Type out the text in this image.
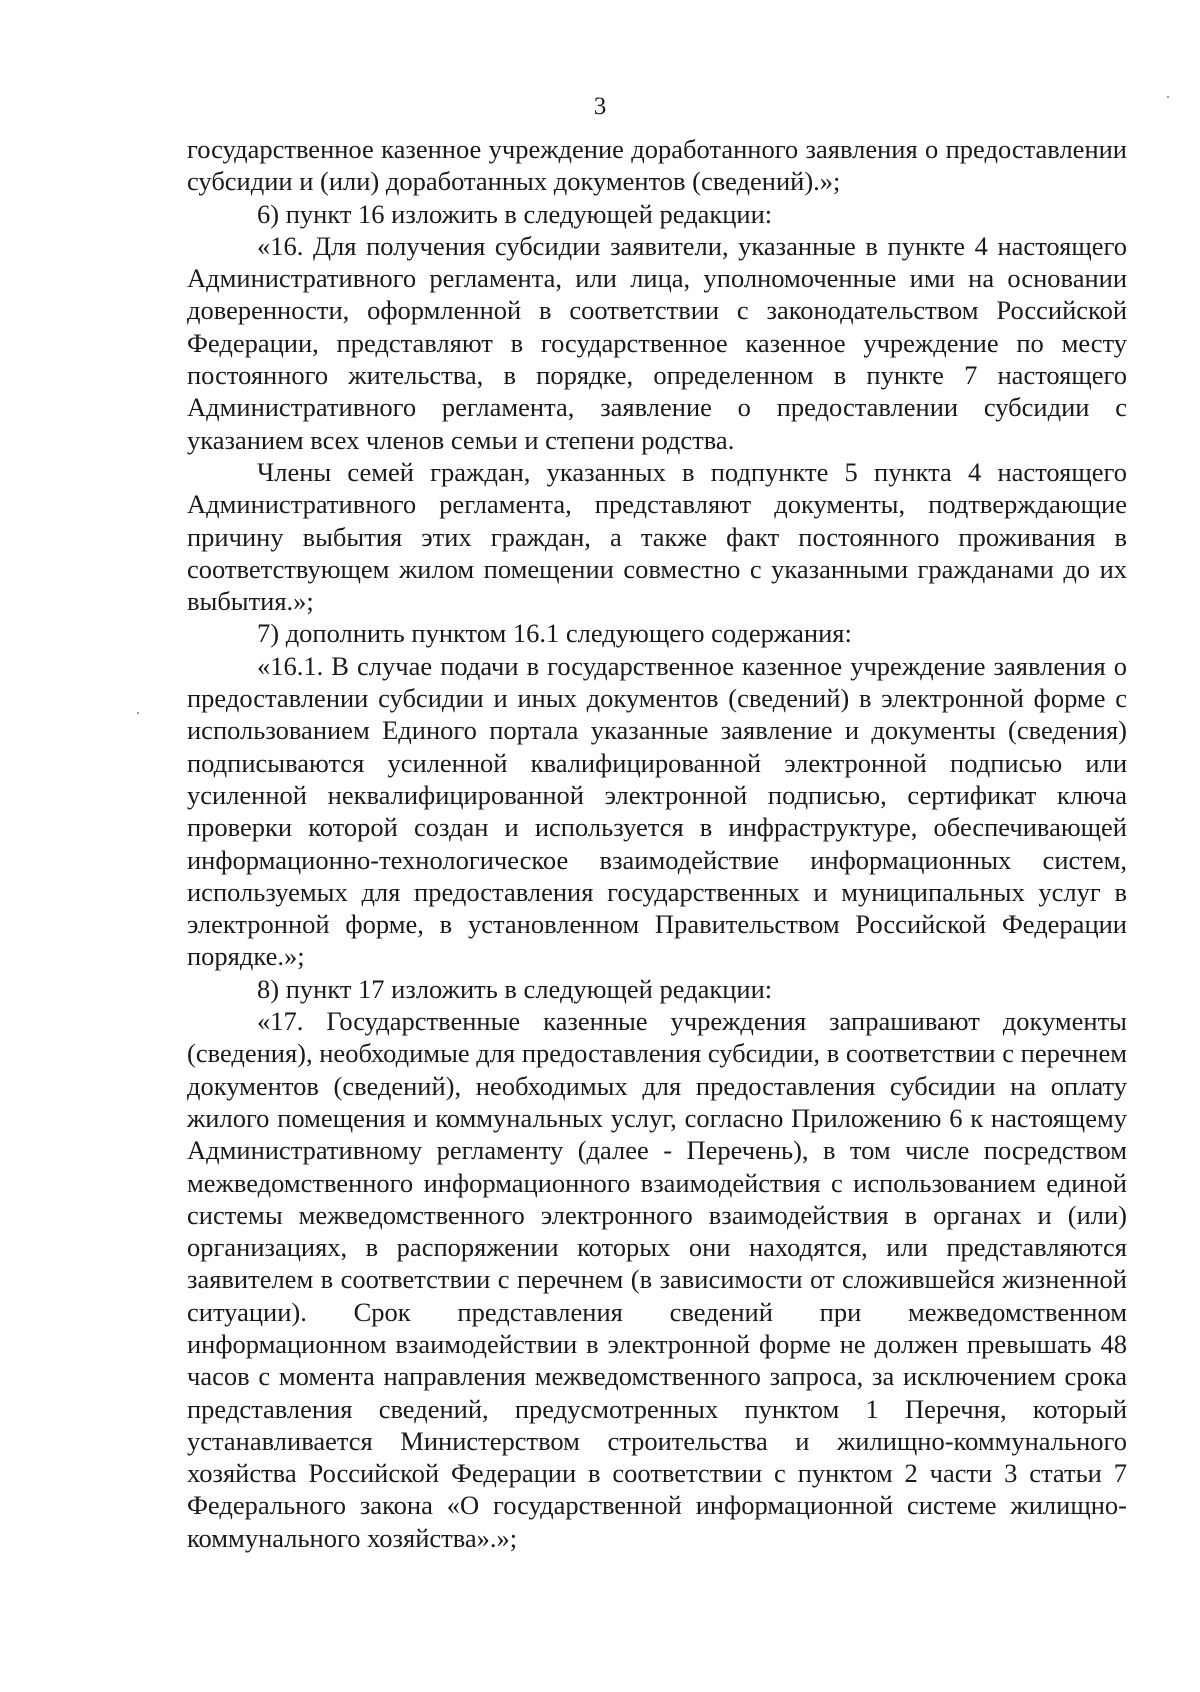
3

государственное казенное учреждение доработанного заявления о предоставлении субсидии и (или) доработанных документов (сведений).»;

6) пункт 16 изложить в следующей редакции:

«16. Для получения субсидии заявители, указанные в пункте 4 настоящего Административного регламента, или лица, уполномоченные ими на основании доверенности, оформленной в соответствии с законодательством Российской Федерации, представляют в государственное казенное учреждение по месту постоянного жительства, в порядке, определенном в пункте 7 настоящего Административного регламента, заявление о предоставлении субсидии с указанием всех членов семьи и степени родства.

Члены семей граждан, указанных в подпункте 5 пункта 4 настоящего Административного регламента, представляют документы, подтверждающие причину выбытия этих граждан, а также факт постоянного проживания в соответствующем жилом помещении совместно с указанными гражданами до их выбытия.»;

7) дополнить пунктом 16.1 следующего содержания:

«16.1. В случае подачи в государственное казенное учреждение заявления о предоставлении субсидии и иных документов (сведений) в электронной форме с использованием Единого портала указанные заявление и документы (сведения) подписываются усиленной квалифицированной электронной подписью или усиленной неквалифицированной электронной подписью, сертификат ключа проверки которой создан и используется в инфраструктуре, обеспечивающей информационно-технологическое взаимодействие информационных систем, используемых для предоставления государственных и муниципальных услуг в электронной форме, в установленном Правительством Российской Федерации порядке.»;

8) пункт 17 изложить в следующей редакции:

«17. Государственные казенные учреждения запрашивают документы (сведения), необходимые для предоставления субсидии, в соответствии с перечнем документов (сведений), необходимых для предоставления субсидии на оплату жилого помещения и коммунальных услуг, согласно Приложению 6 к настоящему Административному регламенту (далее - Перечень), в том числе посредством межведомственного информационного взаимодействия с использованием единой системы межведомственного электронного взаимодействия в органах и (или) организациях, в распоряжении которых они находятся, или представляются заявителем в соответствии с перечнем (в зависимости от сложившейся жизненной ситуации). Срок представления сведений при межведомственном информационном взаимодействии в электронной форме не должен превышать 48 часов с момента направления межведомственного запроса, за исключением срока представления сведений, предусмотренных пунктом 1 Перечня, который устанавливается Министерством строительства и жилищно-коммунального хозяйства Российской Федерации в соответствии с пунктом 2 части 3 статьи 7 Федерального закона «О государственной информационной системе жилищно-коммунального хозяйства».»;
